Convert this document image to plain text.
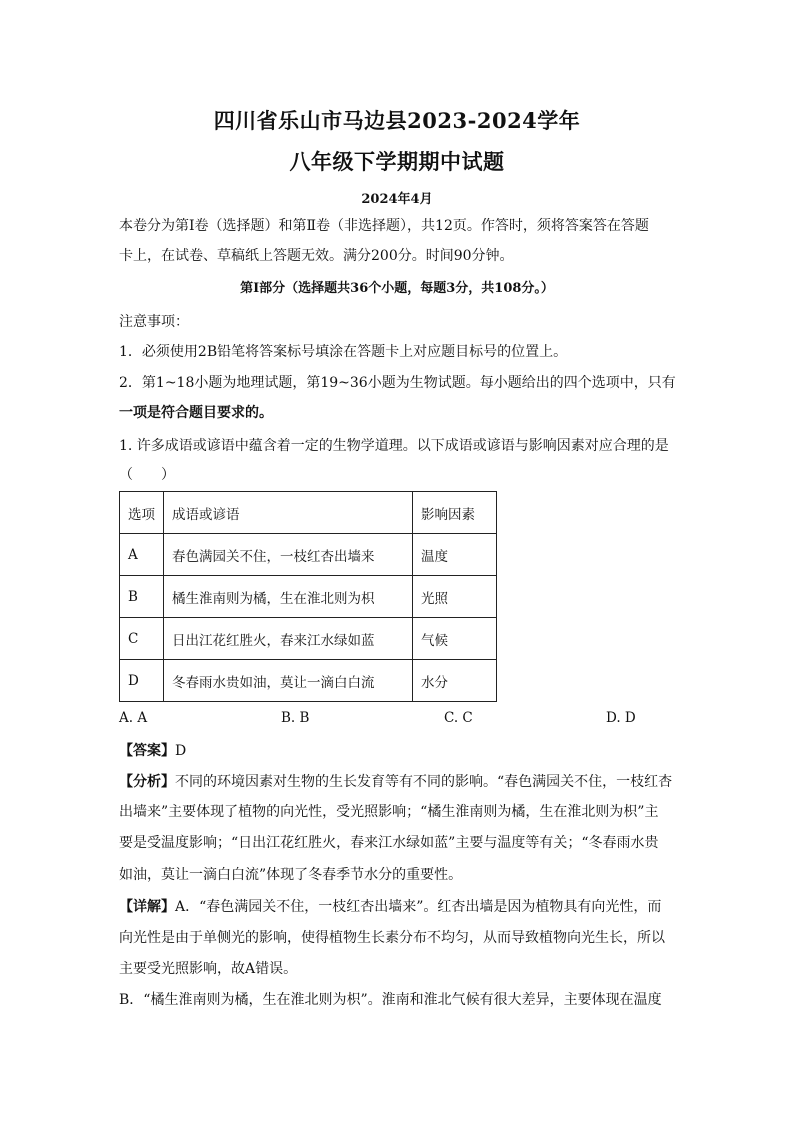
四川省乐山市马边县2023-2024学年
八年级下学期期中试题
2024年4月
本卷分为第Ⅰ卷（选择题）和第Ⅱ卷（非选择题），共12页。作答时，须将答案答在答题
卡上，在试卷、草稿纸上答题无效。满分200分。时间90分钟。
第Ⅰ部分（选择题共36个小题，每题3分，共108分。）
注意事项：
1．必须使用2B铅笔将答案标号填涂在答题卡上对应题目标号的位置上。
2．第1~18小题为地理试题，第19~36小题为生物试题。每小题给出的四个选项中，只有
一项是符合题目要求的。
1. 许多成语或谚语中蕴含着一定的生物学道理。以下成语或谚语与影响因素对应合理的是
（　　）
选项	成语或谚语	影响因素
A	春色满园关不住，一枝红杏出墙来	温度
B	橘生淮南则为橘，生在淮北则为枳	光照
C	日出江花红胜火，春来江水绿如蓝	气候
D	冬春雨水贵如油，莫让一滴白白流	水分
A. A	B. B	C. C	D. D
【答案】D
【分析】不同的环境因素对生物的生长发育等有不同的影响。“春色满园关不住，一枝红杏
出墙来”主要体现了植物的向光性，受光照影响；“橘生淮南则为橘，生在淮北则为枳”主
要是受温度影响；“日出江花红胜火，春来江水绿如蓝”主要与温度等有关；“冬春雨水贵
如油，莫让一滴白白流”体现了冬春季节水分的重要性。
【详解】A．“春色满园关不住，一枝红杏出墙来”。红杏出墙是因为植物具有向光性，而
向光性是由于单侧光的影响，使得植物生长素分布不均匀，从而导致植物向光生长，所以
主要受光照影响，故A错误。
B．“橘生淮南则为橘，生在淮北则为枳”。淮南和淮北气候有很大差异，主要体现在温度
